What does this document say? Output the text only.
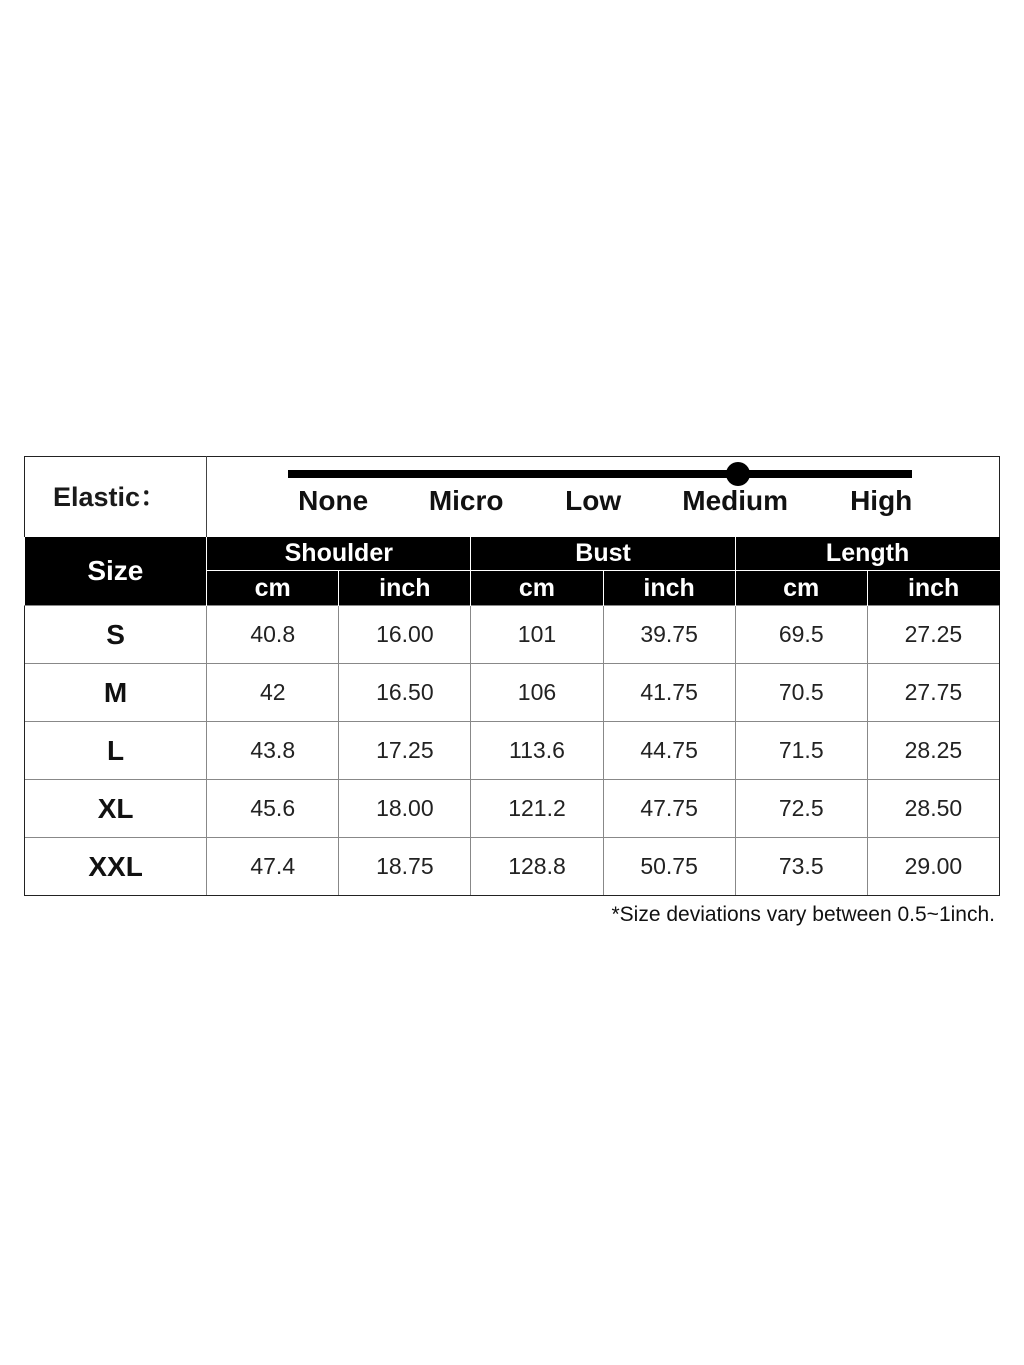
Elastic：	None Micro Low Medium High					

Size	Shoulder		Bust		Length	
	cm	inch	cm	inch	cm	inch
S	40.8	16.00	101	39.75	69.5	27.25
M	42	16.50	106	41.75	70.5	27.75
L	43.8	17.25	113.6	44.75	71.5	28.25
XL	45.6	18.00	121.2	47.75	72.5	28.50
XXL	47.4	18.75	128.8	50.75	73.5	29.00
*Size deviations vary between 0.5~1inch.
